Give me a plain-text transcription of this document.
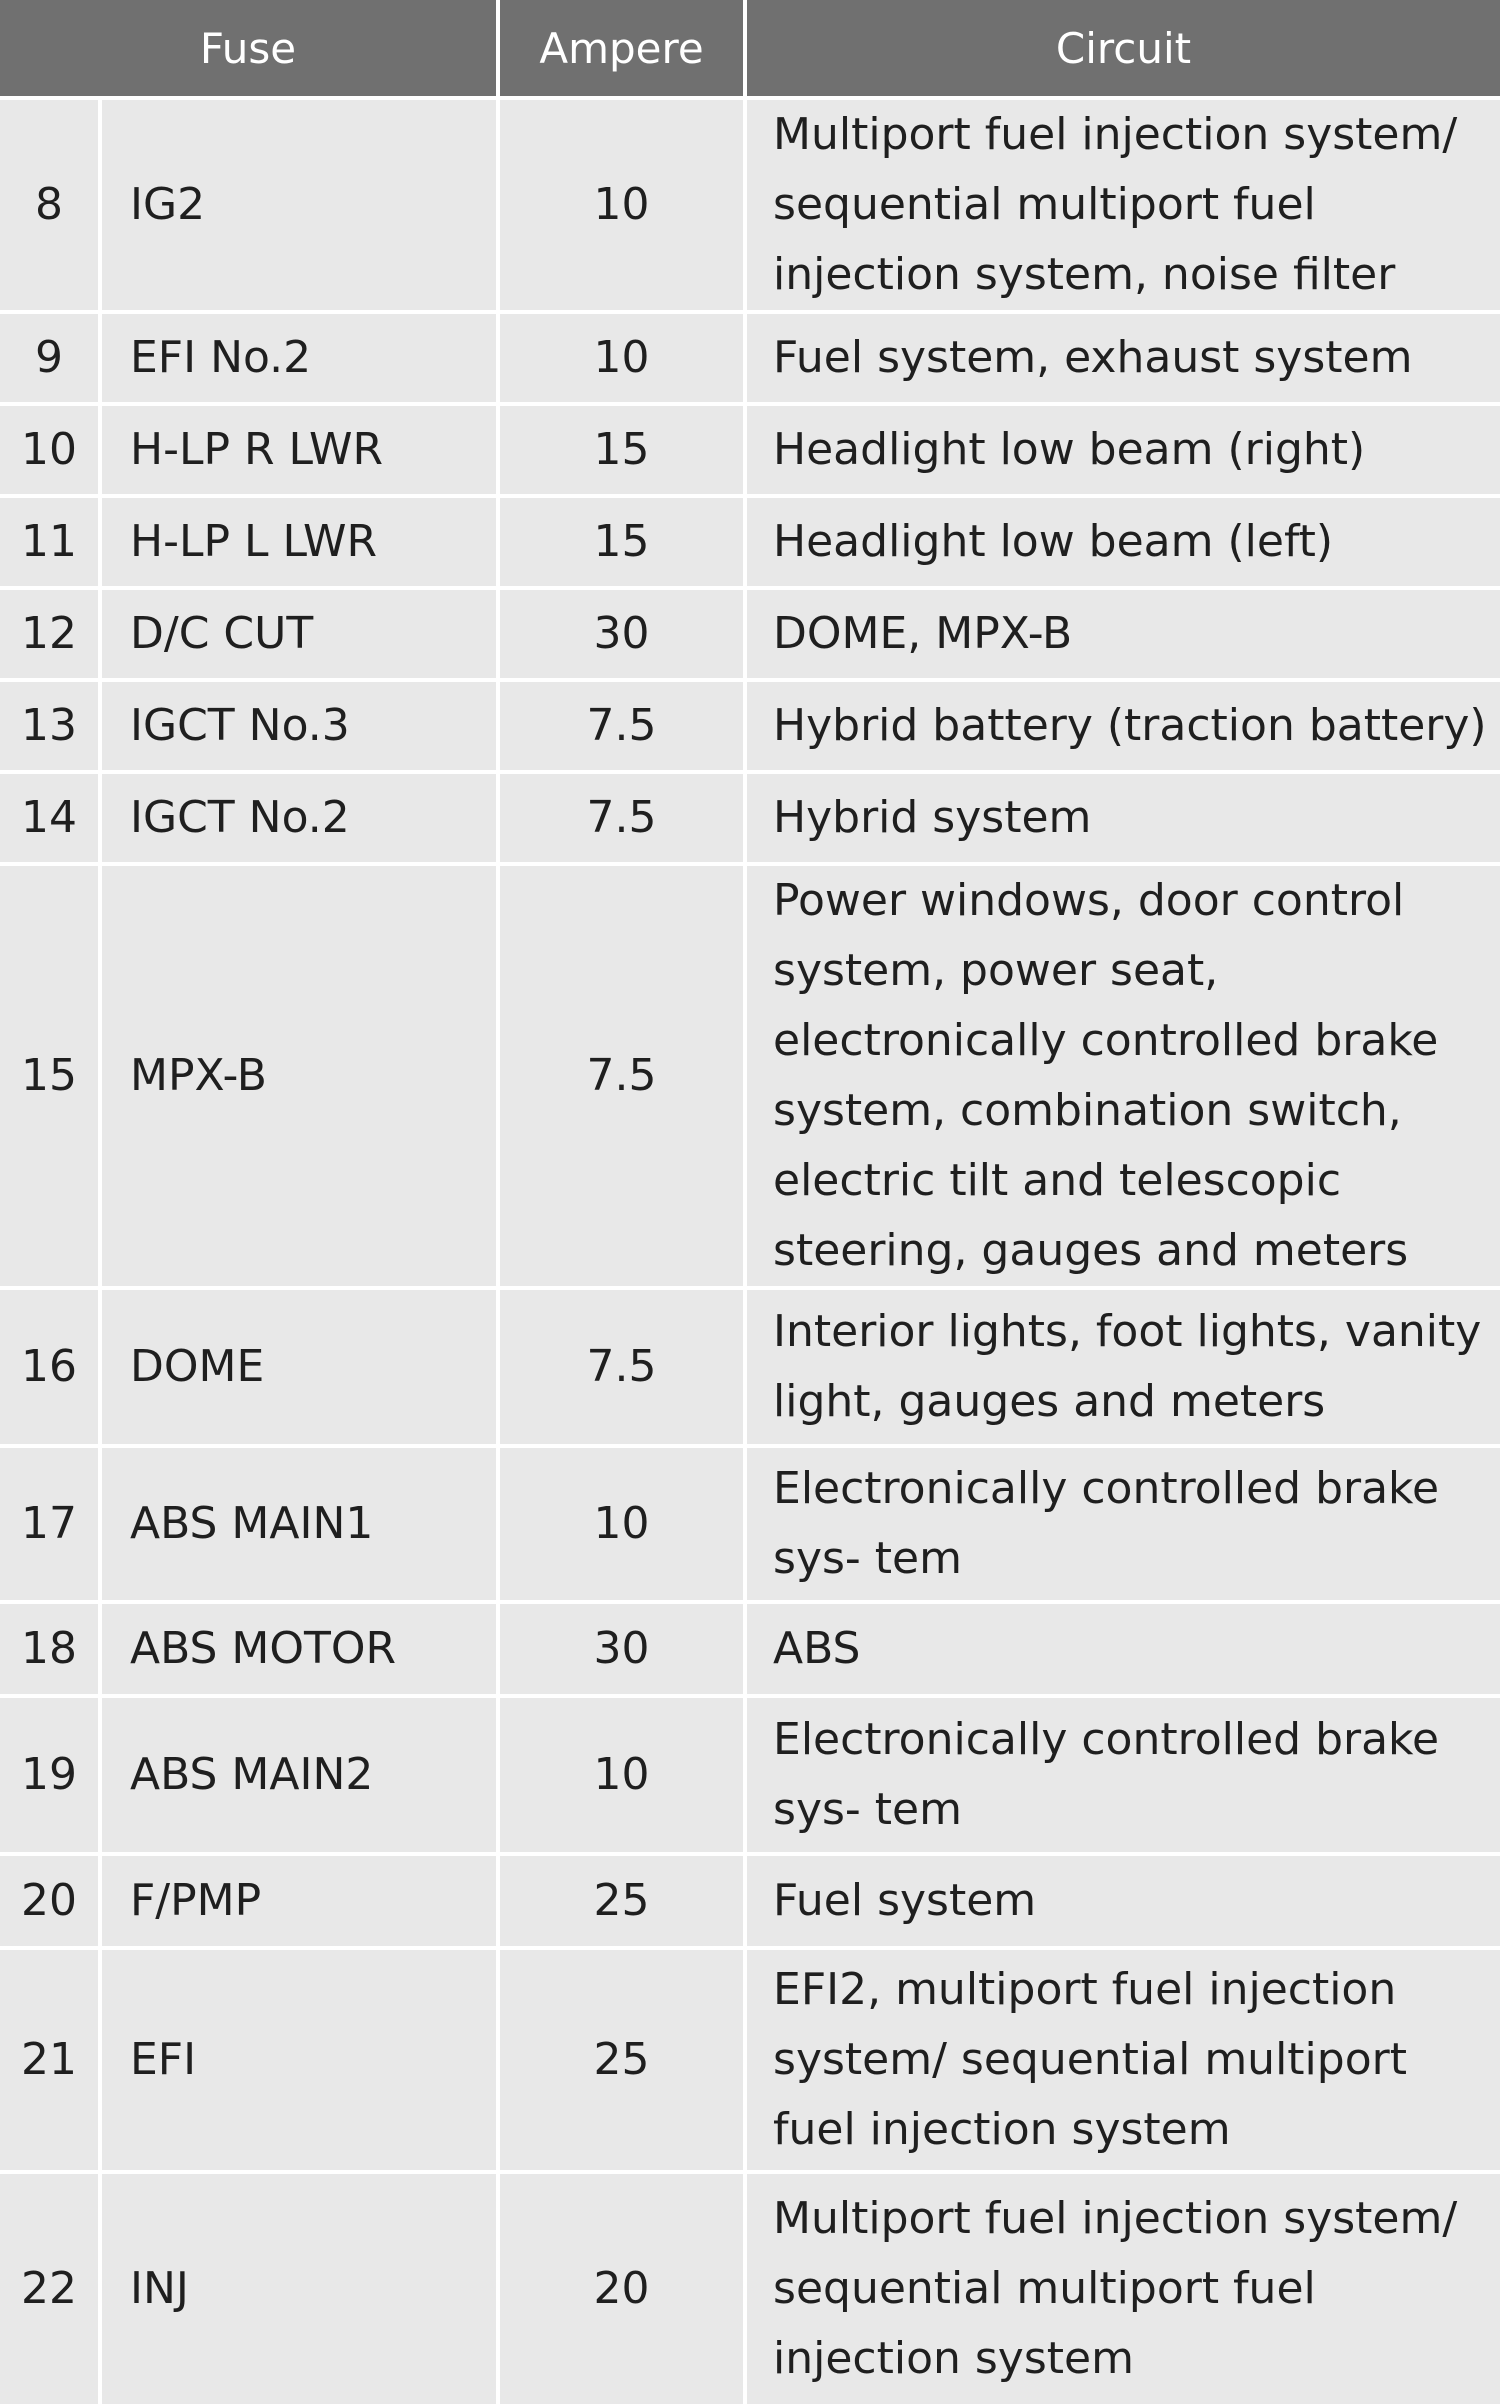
Fuse		Ampere	Circuit
8	IG2	10	Multiport fuel injection system/ sequential multiport fuel injection system, noise filter

9	EFI No.2	10	Fuel system, exhaust system

10	H-LP R LWR	15	Headlight low beam (right)

11	H-LP L LWR	15	Headlight low beam (left)

12	D/C CUT	30	DOME, MPX-B

13	IGCT No.3	7.5	Hybrid battery (traction battery)

14	IGCT No.2	7.5	Hybrid system

15	MPX-B	7.5	Power windows, door control system, power seat, electronically controlled brake system, combination switch, electric tilt and telescopic steering, gauges and meters

16	DOME	7.5	Interior lights, foot lights, vanity light, gauges and meters

17	ABS MAIN1	10	Electronically controlled brake sys- tem

18	ABS MOTOR	30	ABS

19	ABS MAIN2	10	Electronically controlled brake sys- tem

20	F/PMP	25	Fuel system

21	EFI	25	EFI2, multiport fuel injection system/ sequential multiport fuel injection system

22	INJ	20	Multiport fuel injection system/ sequential multiport fuel injection system
